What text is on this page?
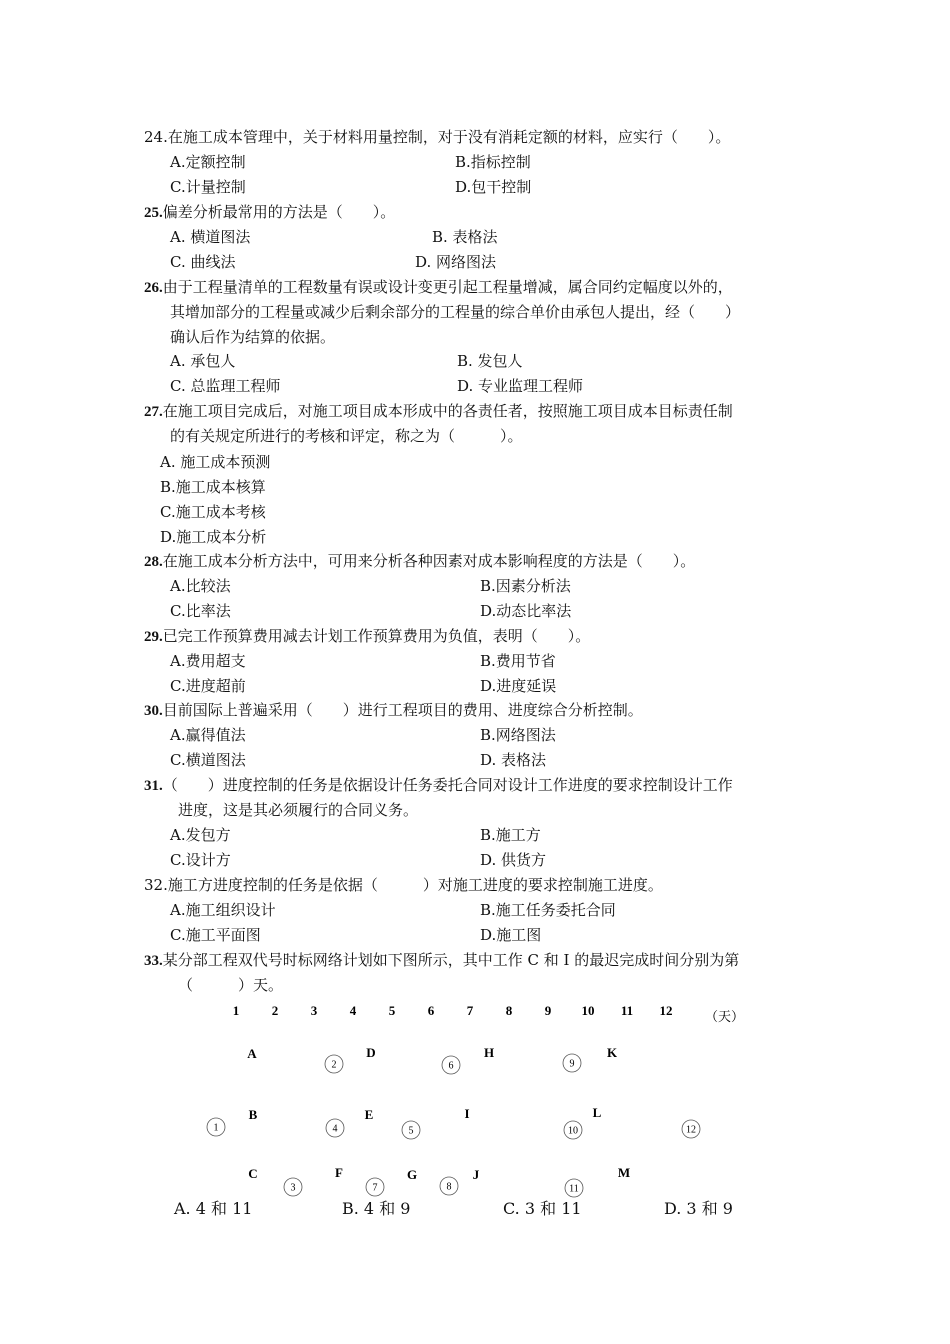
24.在施工成本管理中，关于材料用量控制，对于没有消耗定额的材料，应实行（　　）。
A.定额控制	B.指标控制
C.计量控制	D.包干控制
25.偏差分析最常用的方法是（　　）。
A. 横道图法	B. 表格法
C. 曲线法	D. 网络图法
26.由于工程量清单的工程数量有误或设计变更引起工程量增减，属合同约定幅度以外的，
其增加部分的工程量或减少后剩余部分的工程量的综合单价由承包人提出，经（　　）
确认后作为结算的依据。
A. 承包人	B. 发包人
C. 总监理工程师	D. 专业监理工程师
27.在施工项目完成后，对施工项目成本形成中的各责任者，按照施工项目成本目标责任制
的有关规定所进行的考核和评定，称之为（　　　）。
A. 施工成本预测
B.施工成本核算
C.施工成本考核
D.施工成本分析
28.在施工成本分析方法中，可用来分析各种因素对成本影响程度的方法是（　　）。
A.比较法	B.因素分析法
C.比率法	D.动态比率法
29.已完工作预算费用减去计划工作预算费用为负值，表明（　　）。
A.费用超支	B.费用节省
C.进度超前	D.进度延误
30.目前国际上普遍采用（　　）进行工程项目的费用、进度综合分析控制。
A.赢得值法	B.网络图法
C.横道图法	D. 表格法
31.（　　）进度控制的任务是依据设计任务委托合同对设计工作进度的要求控制设计工作
进度，这是其必须履行的合同义务。
A.发包方	B.施工方
C.设计方	D. 供货方
32.施工方进度控制的任务是依据（　　　）对施工进度的要求控制施工进度。
A.施工组织设计	B.施工任务委托合同
C.施工平面图	D.施工图
33.某分部工程双代号时标网络计划如下图所示，其中工作 C 和 I 的最迟完成时间分别为第
（　　　）天。
1	2	3	4	5	6	7	8	9 10 11 12	（天）
A
B
C
D
E
F	G
H
I
J
K
L
M
1
2
3
4	5
6
7	8
9
10
11
12
A. 4 和 11	B. 4 和 9	C. 3 和 11	D. 3 和 9
